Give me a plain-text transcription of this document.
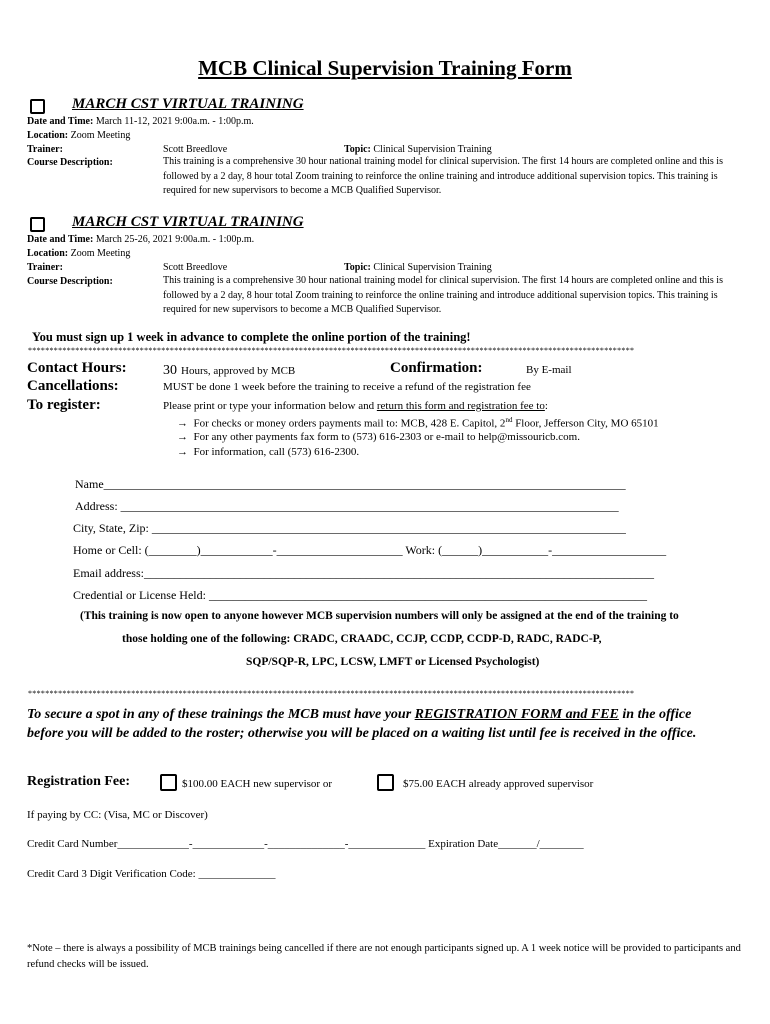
MCB Clinical Supervision Training Form
MARCH CST VIRTUAL TRAINING
Date and Time: March 11-12, 2021 9:00a.m. - 1:00p.m.
Location: Zoom Meeting
Trainer:	Scott Breedlove	Topic: Clinical Supervision Training
Course Description:	This training is a comprehensive 30 hour national training model for clinical supervision. The first 14 hours are completed online and this is followed by a 2 day, 8 hour total Zoom training to reinforce the online training and introduce additional supervision topics. This training is required for new supervisors to become a MCB Qualified Supervisor.
MARCH CST VIRTUAL TRAINING
Date and Time: March 25-26, 2021 9:00a.m. - 1:00p.m.
Location: Zoom Meeting
Trainer:	Scott Breedlove	Topic: Clinical Supervision Training
Course Description:	This training is a comprehensive 30 hour national training model for clinical supervision. The first 14 hours are completed online and this is followed by a 2 day, 8 hour total Zoom training to reinforce the online training and introduce additional supervision topics. This training is required for new supervisors to become a MCB Qualified Supervisor.
You must sign up 1 week in advance to complete the online portion of the training!
*********************************************************************************************************************************************
Contact Hours:	30 Hours, approved by MCB	Confirmation:	By E-mail
Cancellations:	MUST be done 1 week before the training to receive a refund of the registration fee
To register:	Please print or type your information below and return this form and registration fee to:
→ For checks or money orders payments mail to: MCB, 428 E. Capitol, 2nd Floor, Jefferson City, MO 65101
→ For any other payments fax form to (573) 616-2303 or e-mail to help@missouricb.com.
→ For information, call (573) 616-2300.
Name_______________________________________________________________________________________
Address: ___________________________________________________________________________________
City, State, Zip: _______________________________________________________________________________
Home or Cell: (________)____________-_____________________ Work: (______)___________-___________________
Email address:_____________________________________________________________________________________
Credential or License Held: _________________________________________________________________________
(This training is now open to anyone however MCB supervision numbers will only be assigned at the end of the training to
those holding one of the following: CRADC, CRAADC, CCJP, CCDP, CCDP-D, RADC, RADC-P,
SQP/SQP-R, LPC, LCSW, LMFT or Licensed Psychologist)
*********************************************************************************************************************************************
To secure a spot in any of these trainings the MCB must have your REGISTRATION FORM and FEE in the office before you will be added to the roster; otherwise you will be placed on a waiting list until fee is received in the office.
Registration Fee:	$100.00 EACH new supervisor or	$75.00 EACH already approved supervisor
If paying by CC: (Visa, MC or Discover)
Credit Card Number_____________-_____________-______________-______________ Expiration Date_______/________
Credit Card 3 Digit Verification Code: ______________
*Note – there is always a possibility of MCB trainings being cancelled if there are not enough participants signed up. A 1 week notice will be provided to participants and refund checks will be issued.
